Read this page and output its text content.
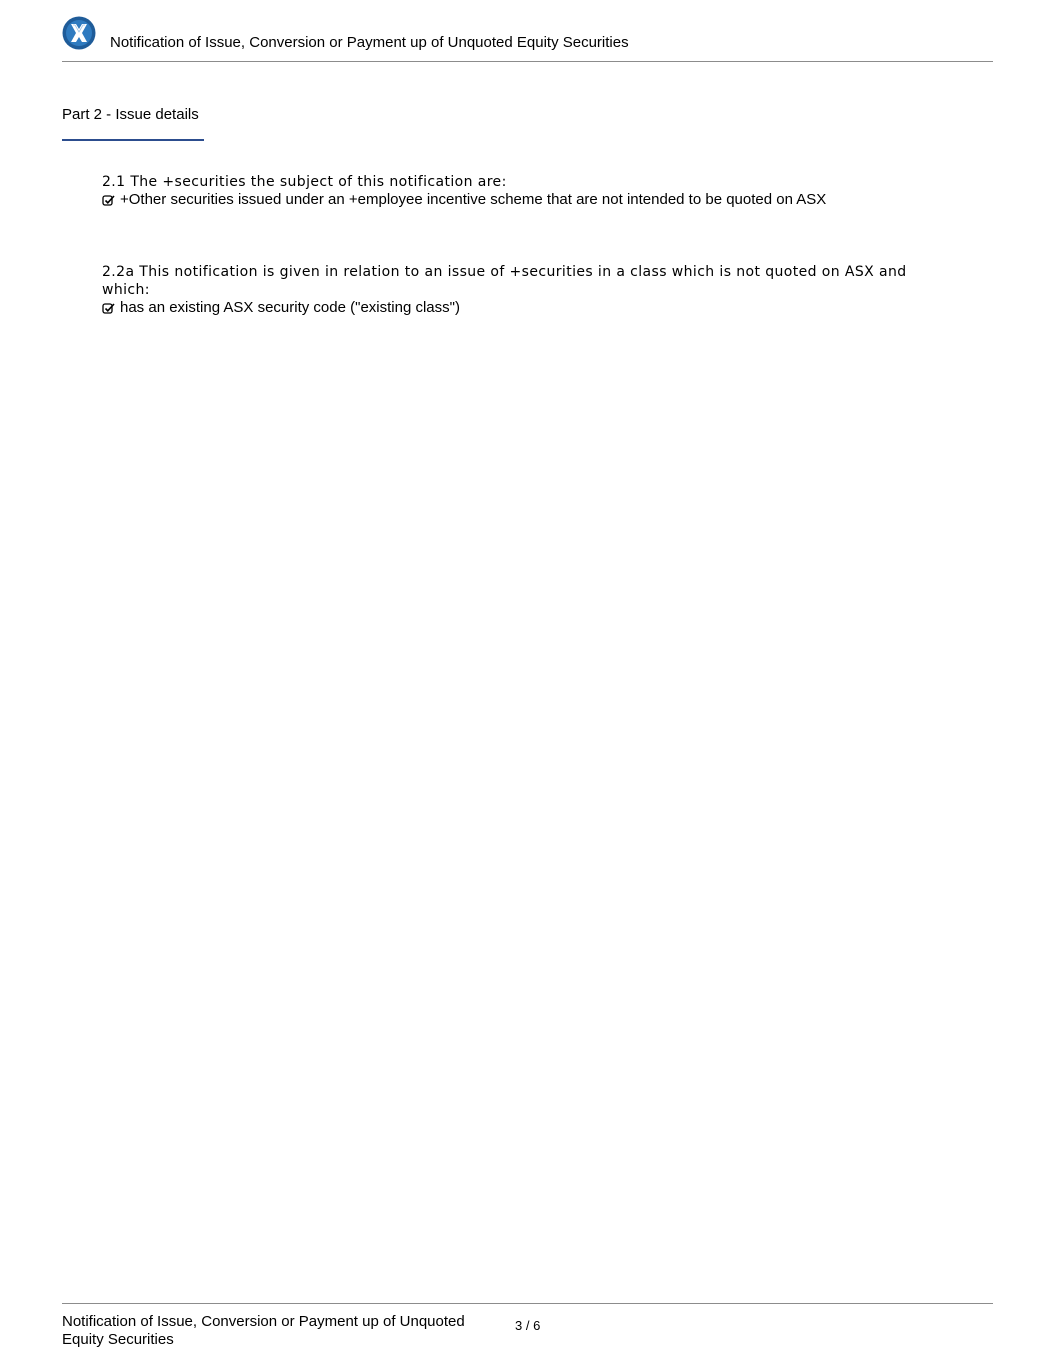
Notification of Issue, Conversion or Payment up of Unquoted Equity Securities
Part 2 - Issue details
2.1 The +securities the subject of this notification are:
+Other securities issued under an +employee incentive scheme that are not intended to be quoted on ASX
2.2a This notification is given in relation to an issue of +securities in a class which is not quoted on ASX and which:
has an existing ASX security code ("existing class")
Notification of Issue, Conversion or Payment up of Unquoted Equity Securities
3 / 6
